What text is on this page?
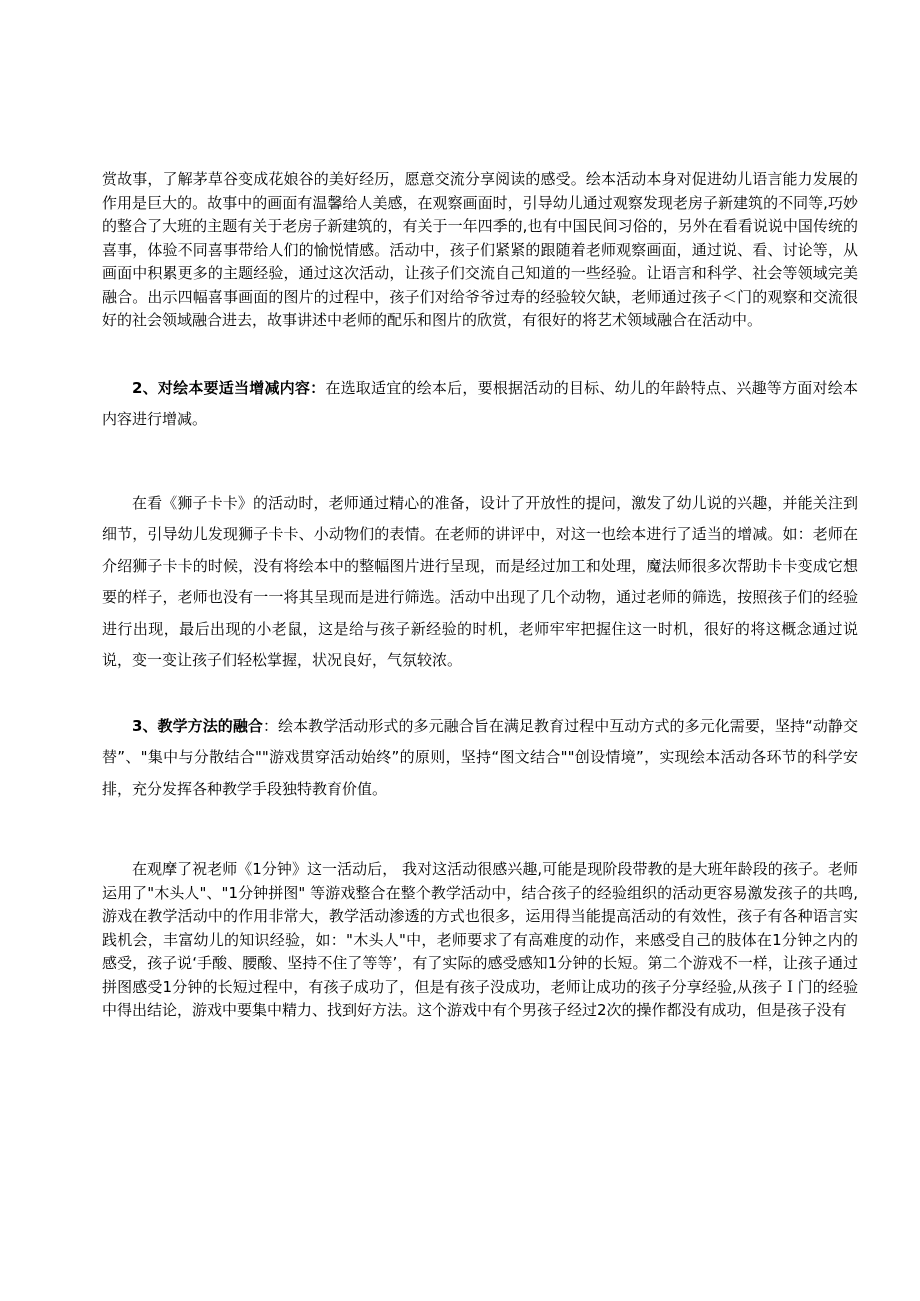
赏故事，了解茅草谷变成花娘谷的美好经历，愿意交流分享阅读的感受。绘本活动本身对促进幼儿语言能力发展的作用是巨大的。故事中的画面有温馨给人美感，在观察画面时，引导幼儿通过观察发现老房子新建筑的不同等,巧妙的整合了大班的主题有关于老房子新建筑的，有关于一年四季的,也有中国民间习俗的，另外在看看说说中国传统的喜事，体验不同喜事带给人们的愉悦情感。活动中，孩子们紧紧的跟随着老师观察画面，通过说、看、讨论等，从画面中积累更多的主题经验，通过这次活动，让孩子们交流自己知道的一些经验。让语言和科学、社会等领域完美融合。出示四幅喜事画面的图片的过程中，孩子们对给爷爷过寿的经验较欠缺，老师通过孩子＜门的观察和交流很好的社会领域融合进去，故事讲述中老师的配乐和图片的欣赏，有很好的将艺术领域融合在活动中。

2、对绘本要适当增减内容：在选取适宜的绘本后，要根据活动的目标、幼儿的年龄特点、兴趣等方面对绘本内容进行增减。

在看《狮子卡卡》的活动时，老师通过精心的准备，设计了开放性的提问，激发了幼儿说的兴趣，并能关注到细节，引导幼儿发现狮子卡卡、小动物们的表情。在老师的讲评中，对这一也绘本进行了适当的增减。如：老师在介绍狮子卡卡的时候，没有将绘本中的整幅图片进行呈现，而是经过加工和处理，魔法师很多次帮助卡卡变成它想要的样子，老师也没有一一将其呈现而是进行筛选。活动中出现了几个动物，通过老师的筛选，按照孩子们的经验进行出现，最后出现的小老鼠，这是给与孩子新经验的时机，老师牢牢把握住这一时机，很好的将这概念通过说说，变一变让孩子们轻松掌握，状况良好，气氛较浓。

3、教学方法的融合：绘本教学活动形式的多元融合旨在满足教育过程中互动方式的多元化需要，坚持“动静交替”、"集中与分散结合""游戏贯穿活动始终”的原则，坚持“图文结合""创设情境”，实现绘本活动各环节的科学安排，充分发挥各种教学手段独特教育价值。

在观摩了祝老师《1分钟》这一活动后， 我对这活动很感兴趣,可能是现阶段带教的是大班年龄段的孩子。老师运用了"木头人"、"1分钟拼图" 等游戏整合在整个教学活动中，结合孩子的经验组织的活动更容易激发孩子的共鸣,游戏在教学活动中的作用非常大，教学活动渗透的方式也很多，运用得当能提高活动的有效性，孩子有各种语言实践机会，丰富幼儿的知识经验，如："木头人"中，老师要求了有高难度的动作，来感受自己的肢体在1分钟之内的感受，孩子说‘手酸、腰酸、坚持不住了等等’，有了实际的感受感知1分钟的长短。第二个游戏不一样，让孩子通过拼图感受1分钟的长短过程中，有孩子成功了，但是有孩子没成功，老师让成功的孩子分享经验,从孩子Ｉ门的经验中得出结论，游戏中要集中精力、找到好方法。这个游戏中有个男孩子经过2次的操作都没有成功，但是孩子没有
